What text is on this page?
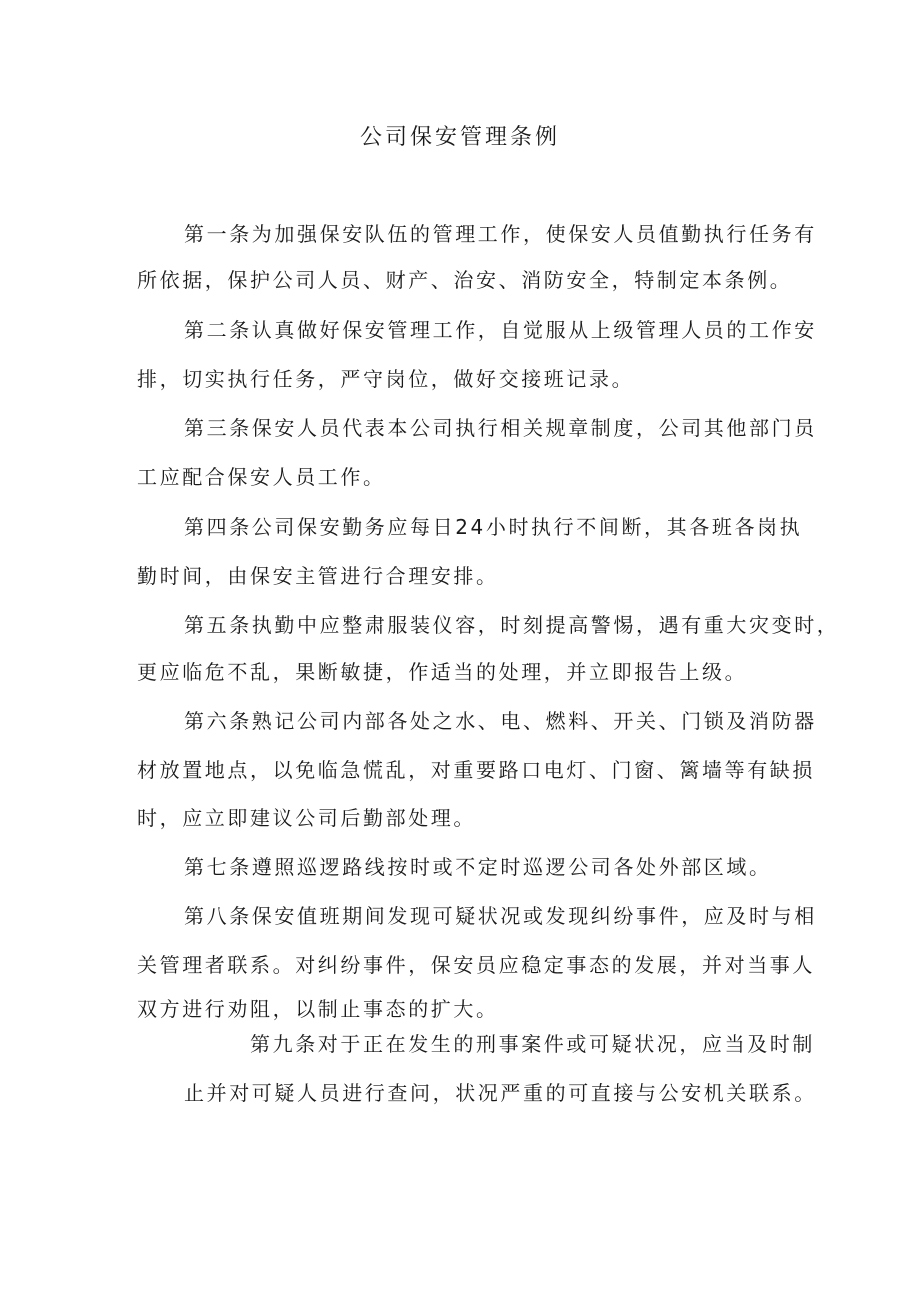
公司保安管理条例
第一条为加强保安队伍的管理工作，使保安人员值勤执行任务有
所依据，保护公司人员、财产、治安、消防安全，特制定本条例。
第二条认真做好保安管理工作，自觉服从上级管理人员的工作安
排，切实执行任务，严守岗位，做好交接班记录。
第三条保安人员代表本公司执行相关规章制度，公司其他部门员
工应配合保安人员工作。
第四条公司保安勤务应每日24小时执行不间断，其各班各岗执
勤时间，由保安主管进行合理安排。
第五条执勤中应整肃服装仪容，时刻提高警惕，遇有重大灾变时，
更应临危不乱，果断敏捷，作适当的处理，并立即报告上级。
第六条熟记公司内部各处之水、电、燃料、开关、门锁及消防器
材放置地点，以免临急慌乱，对重要路口电灯、门窗、篱墙等有缺损
时，应立即建议公司后勤部处理。
第七条遵照巡逻路线按时或不定时巡逻公司各处外部区域。
第八条保安值班期间发现可疑状况或发现纠纷事件，应及时与相
关管理者联系。对纠纷事件，保安员应稳定事态的发展，并对当事人
双方进行劝阻，以制止事态的扩大。
第九条对于正在发生的刑事案件或可疑状况，应当及时制
止并对可疑人员进行查问，状况严重的可直接与公安机关联系。
